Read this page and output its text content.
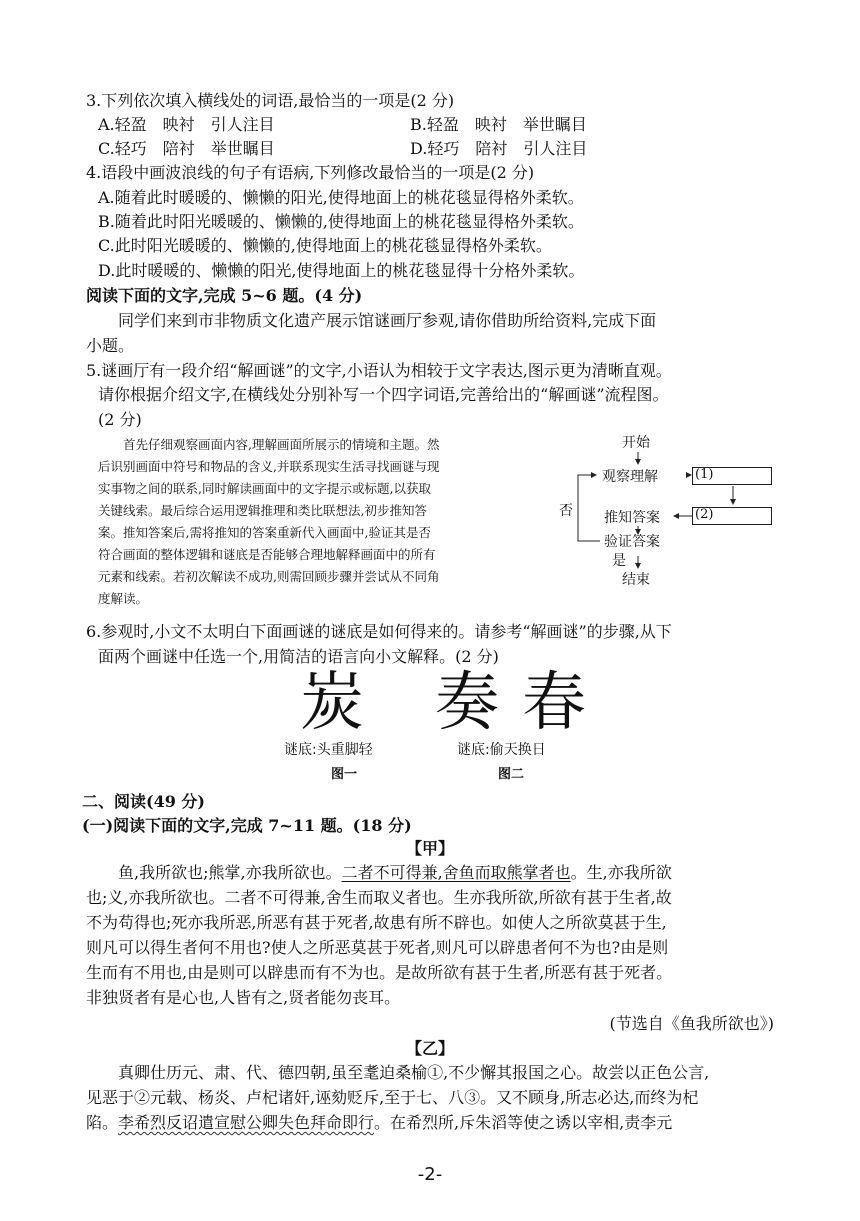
3.下列依次填入横线处的词语,最恰当的一项是(2 分)
A.轻盈　映衬　引人注目	B.轻盈　映衬　举世瞩目
C.轻巧　陪衬　举世瞩目	D.轻巧　陪衬　引人注目
4.语段中画波浪线的句子有语病,下列修改最恰当的一项是(2 分)
A.随着此时暖暖的、懒懒的阳光,使得地面上的桃花毯显得格外柔软。
B.随着此时阳光暖暖的、懒懒的,使得地面上的桃花毯显得格外柔软。
C.此时阳光暖暖的、懒懒的,使得地面上的桃花毯显得格外柔软。
D.此时暖暖的、懒懒的阳光,使得地面上的桃花毯显得十分格外柔软。
阅读下面的文字,完成 5~6 题。(4 分)
同学们来到市非物质文化遗产展示馆谜画厅参观,请你借助所给资料,完成下面
小题。
5.谜画厅有一段介绍“解画谜”的文字,小语认为相较于文字表达,图示更为清晰直观。
请你根据介绍文字,在横线处分别补写一个四字词语,完善给出的“解画谜”流程图。
(2 分)
首先仔细观察画面内容,理解画面所展示的情境和主题。然
后识别画面中符号和物品的含义,并联系现实生活寻找画谜与现
实事物之间的联系,同时解读画面中的文字提示或标题,以获取
关键线索。最后综合运用逻辑推理和类比联想法,初步推知答
案。推知答案后,需将推知的答案重新代入画面中,验证其是否
符合画面的整体逻辑和谜底是否能够合理地解释画面中的所有
元素和线索。若初次解读不成功,则需回顾步骤并尝试从不同角
度解读。
开始
观察理解	(1)
推知答案	(2)
验证答案
否
是
结束
6.参观时,小文不太明白下面画谜的谜底是如何得来的。请参考“解画谜”的步骤,从下
面两个画谜中任选一个,用简洁的语言向小文解释。(2 分)
炭 奏 春
谜底:头重脚轻	谜底:偷天换日
图一	图二
二、阅读(49 分)
(一)阅读下面的文字,完成 7~11 题。(18 分)
【甲】
鱼,我所欲也;熊掌,亦我所欲也。二者不可得兼,舍鱼而取熊掌者也。生,亦我所欲
也;义,亦我所欲也。二者不可得兼,舍生而取义者也。生亦我所欲,所欲有甚于生者,故
不为苟得也;死亦我所恶,所恶有甚于死者,故患有所不辟也。如使人之所欲莫甚于生,
则凡可以得生者何不用也?使人之所恶莫甚于死者,则凡可以辟患者何不为也?由是则
生而有不用也,由是则可以辟患而有不为也。是故所欲有甚于生者,所恶有甚于死者。
非独贤者有是心也,人皆有之,贤者能勿丧耳。
(节选自《鱼我所欲也》)
【乙】
真卿仕历元、肃、代、德四朝,虽至耄迫桑榆①,不少懈其报国之心。故尝以正色公言,
见恶于②元载、杨炎、卢杞诸奸,诬劾贬斥,至于七、八③。又不顾身,所志必达,而终为杞
陷。李希烈反诏遣宣慰公卿失色拜命即行。在希烈所,斥朱滔等使之诱以宰相,责李元
-2-
